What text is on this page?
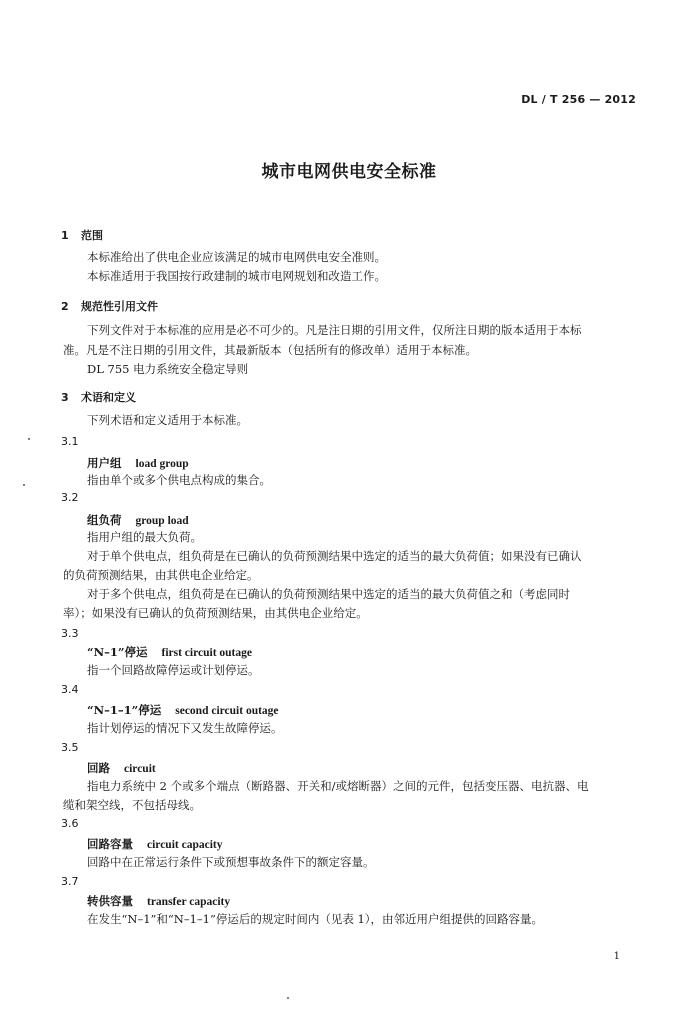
DL / T 256 — 2012
城市电网供电安全标准
1 范围
本标准给出了供电企业应该满足的城市电网供电安全准则。
本标准适用于我国按行政建制的城市电网规划和改造工作。
2 规范性引用文件
下列文件对于本标准的应用是必不可少的。凡是注日期的引用文件，仅所注日期的版本适用于本标
准。凡是不注日期的引用文件，其最新版本（包括所有的修改单）适用于本标准。
DL 755 电力系统安全稳定导则
3 术语和定义
下列术语和定义适用于本标准。
3.1
用户组 load group
指由单个或多个供电点构成的集合。
3.2
组负荷 group load
指用户组的最大负荷。
对于单个供电点，组负荷是在已确认的负荷预测结果中选定的适当的最大负荷值；如果没有已确认
的负荷预测结果，由其供电企业给定。
对于多个供电点，组负荷是在已确认的负荷预测结果中选定的适当的最大负荷值之和（考虑同时
率）；如果没有已确认的负荷预测结果，由其供电企业给定。
3.3
“N–1”停运 first circuit outage
指一个回路故障停运或计划停运。
3.4
“N–1–1”停运 second circuit outage
指计划停运的情况下又发生故障停运。
3.5
回路 circuit
指电力系统中 2 个或多个端点（断路器、开关和/或熔断器）之间的元件，包括变压器、电抗器、电
缆和架空线，不包括母线。
3.6
回路容量 circuit capacity
回路中在正常运行条件下或预想事故条件下的额定容量。
3.7
转供容量 transfer capacity
在发生“N–1”和“N–1–1”停运后的规定时间内（见表 1），由邻近用户组提供的回路容量。
1
